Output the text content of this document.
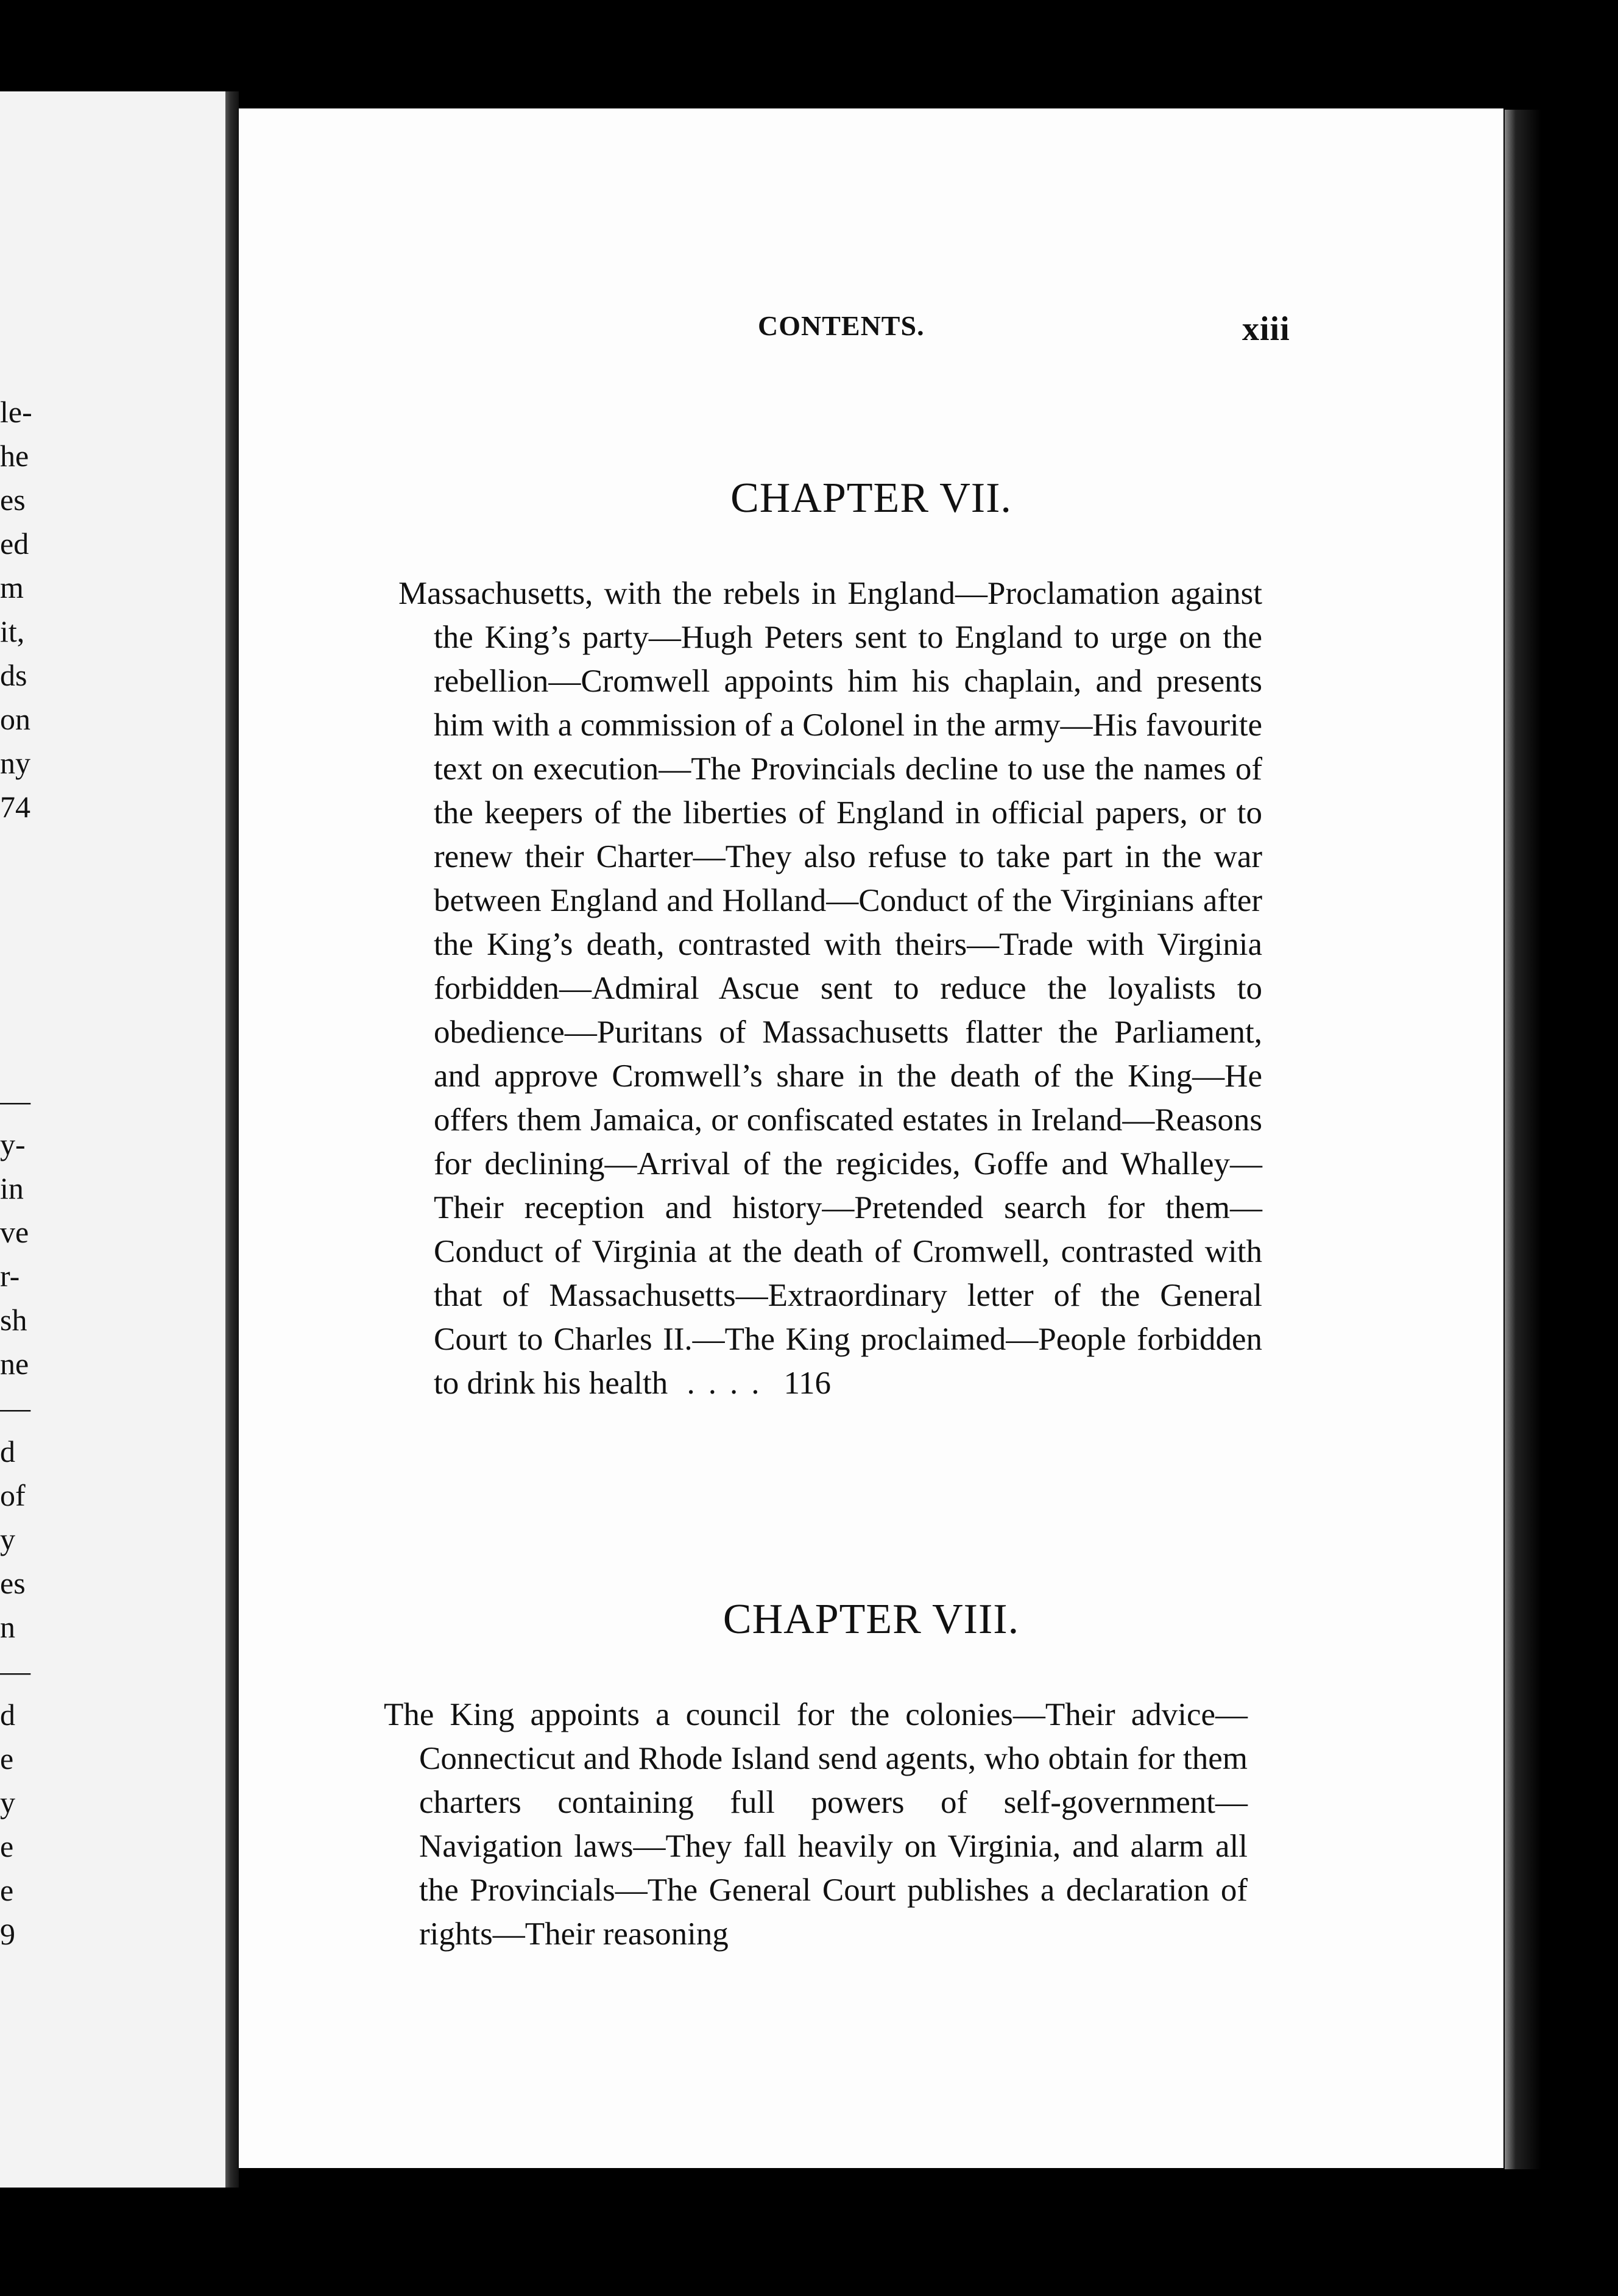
le-
he
es
ed
m
it,
ds
on
ny
74
—
y-
in
ve
r-
sh
ne
—
d
of
y
es
n
—
d
e
y
e
e
9
CONTENTS.	xiii
CHAPTER VII.

Massachusetts, with the rebels in England—Proclamation against the King’s party—Hugh Peters sent to England to urge on the rebellion—Cromwell appoints him his chaplain, and presents him with a commission of a Colonel in the army—His favourite text on execution—The Provincials decline to use the names of the keepers of the liberties of England in official papers, or to renew their Charter—They also refuse to take part in the war between England and Holland—Conduct of the Virginians after the King’s death, contrasted with theirs—Trade with Virginia forbidden—Admiral Ascue sent to reduce the loyalists to obedience—Puritans of Massachusetts flatter the Parliament, and approve Cromwell’s share in the death of the King—He offers them Jamaica, or confiscated estates in Ireland—Reasons for declining—Arrival of the regicides, Goffe and Whalley—Their reception and history—Pretended search for them—Conduct of Virginia at the death of Cromwell, contrasted with that of Massachusetts—Extraordinary letter of the General Court to Charles II.—The King proclaimed—People forbidden to drink his health .... 116

CHAPTER VIII.

The King appoints a council for the colonies—Their advice—Connecticut and Rhode Island send agents, who obtain for them charters containing full powers of self-government—Navigation laws—They fall heavily on Virginia, and alarm all the Provincials—The General Court publishes a declaration of rights—Their reasoning
